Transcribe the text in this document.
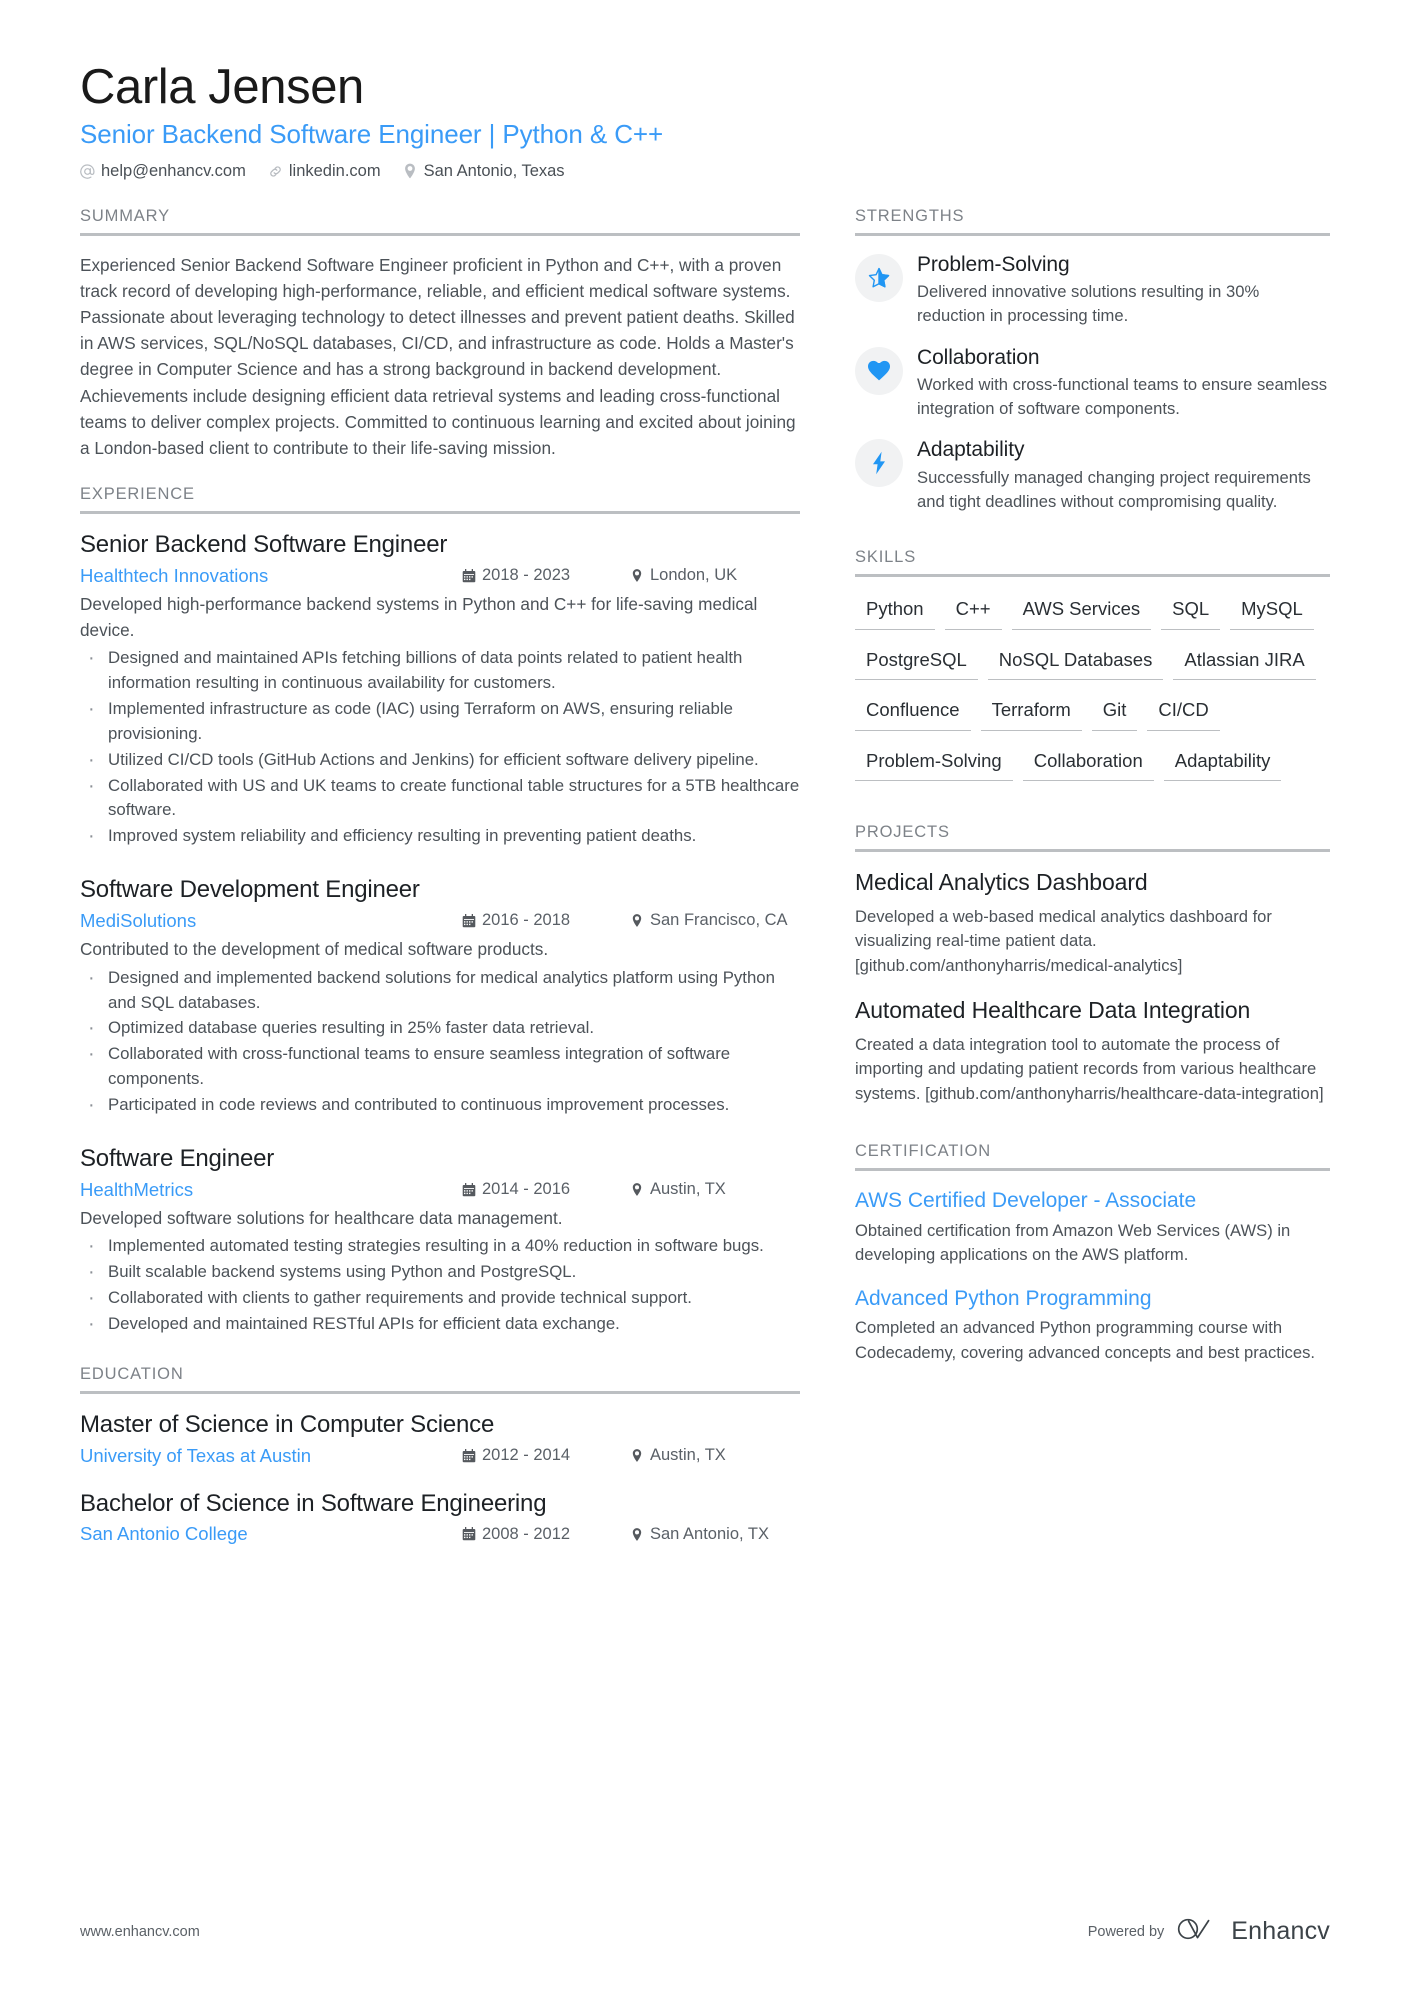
Carla Jensen
Senior Backend Software Engineer | Python & C++
help@enhancv.com	linkedin.com	San Antonio, Texas
SUMMARY

Experienced Senior Backend Software Engineer proficient in Python and C++, with a proven track record of developing high-performance, reliable, and efficient medical software systems. Passionate about leveraging technology to detect illnesses and prevent patient deaths. Skilled in AWS services, SQL/NoSQL databases, CI/CD, and infrastructure as code. Holds a Master's degree in Computer Science and has a strong background in backend development. Achievements include designing efficient data retrieval systems and leading cross-functional teams to deliver complex projects. Committed to continuous learning and excited about joining a London-based client to contribute to their life-saving mission.

EXPERIENCE
Senior Backend Software Engineer
Healthtech Innovations	2018 - 2023	London, UK
Developed high-performance backend systems in Python and C++ for life-saving medical device.
· Designed and maintained APIs fetching billions of data points related to patient health information resulting in continuous availability for customers.
· Implemented infrastructure as code (IAC) using Terraform on AWS, ensuring reliable provisioning.
· Utilized CI/CD tools (GitHub Actions and Jenkins) for efficient software delivery pipeline.
· Collaborated with US and UK teams to create functional table structures for a 5TB healthcare software.
· Improved system reliability and efficiency resulting in preventing patient deaths.
Software Development Engineer
MediSolutions	2016 - 2018	San Francisco, CA
Contributed to the development of medical software products.
· Designed and implemented backend solutions for medical analytics platform using Python and SQL databases.
· Optimized database queries resulting in 25% faster data retrieval.
· Collaborated with cross-functional teams to ensure seamless integration of software components.
· Participated in code reviews and contributed to continuous improvement processes.
Software Engineer
HealthMetrics	2014 - 2016	Austin, TX
Developed software solutions for healthcare data management.
· Implemented automated testing strategies resulting in a 40% reduction in software bugs.
· Built scalable backend systems using Python and PostgreSQL.
· Collaborated with clients to gather requirements and provide technical support.
· Developed and maintained RESTful APIs for efficient data exchange.
EDUCATION
Master of Science in Computer Science
University of Texas at Austin	2012 - 2014	Austin, TX
Bachelor of Science in Software Engineering
San Antonio College	2008 - 2012	San Antonio, TX
STRENGTHS
Problem-Solving
Delivered innovative solutions resulting in 30% reduction in processing time.
Collaboration
Worked with cross-functional teams to ensure seamless integration of software components.
Adaptability
Successfully managed changing project requirements and tight deadlines without compromising quality.
SKILLS
Python	C++	AWS Services	SQL	MySQL
PostgreSQL	NoSQL Databases	Atlassian JIRA
Confluence	Terraform	Git	CI/CD
Problem-Solving	Collaboration	Adaptability
PROJECTS
Medical Analytics Dashboard
Developed a web-based medical analytics dashboard for visualizing real-time patient data. [github.com/anthonyharris/medical-analytics]
Automated Healthcare Data Integration
Created a data integration tool to automate the process of importing and updating patient records from various healthcare systems. [github.com/anthonyharris/healthcare-data-integration]
CERTIFICATION
AWS Certified Developer - Associate
Obtained certification from Amazon Web Services (AWS) in developing applications on the AWS platform.
Advanced Python Programming
Completed an advanced Python programming course with Codecademy, covering advanced concepts and best practices.
www.enhancv.com	Powered by	Enhancv
